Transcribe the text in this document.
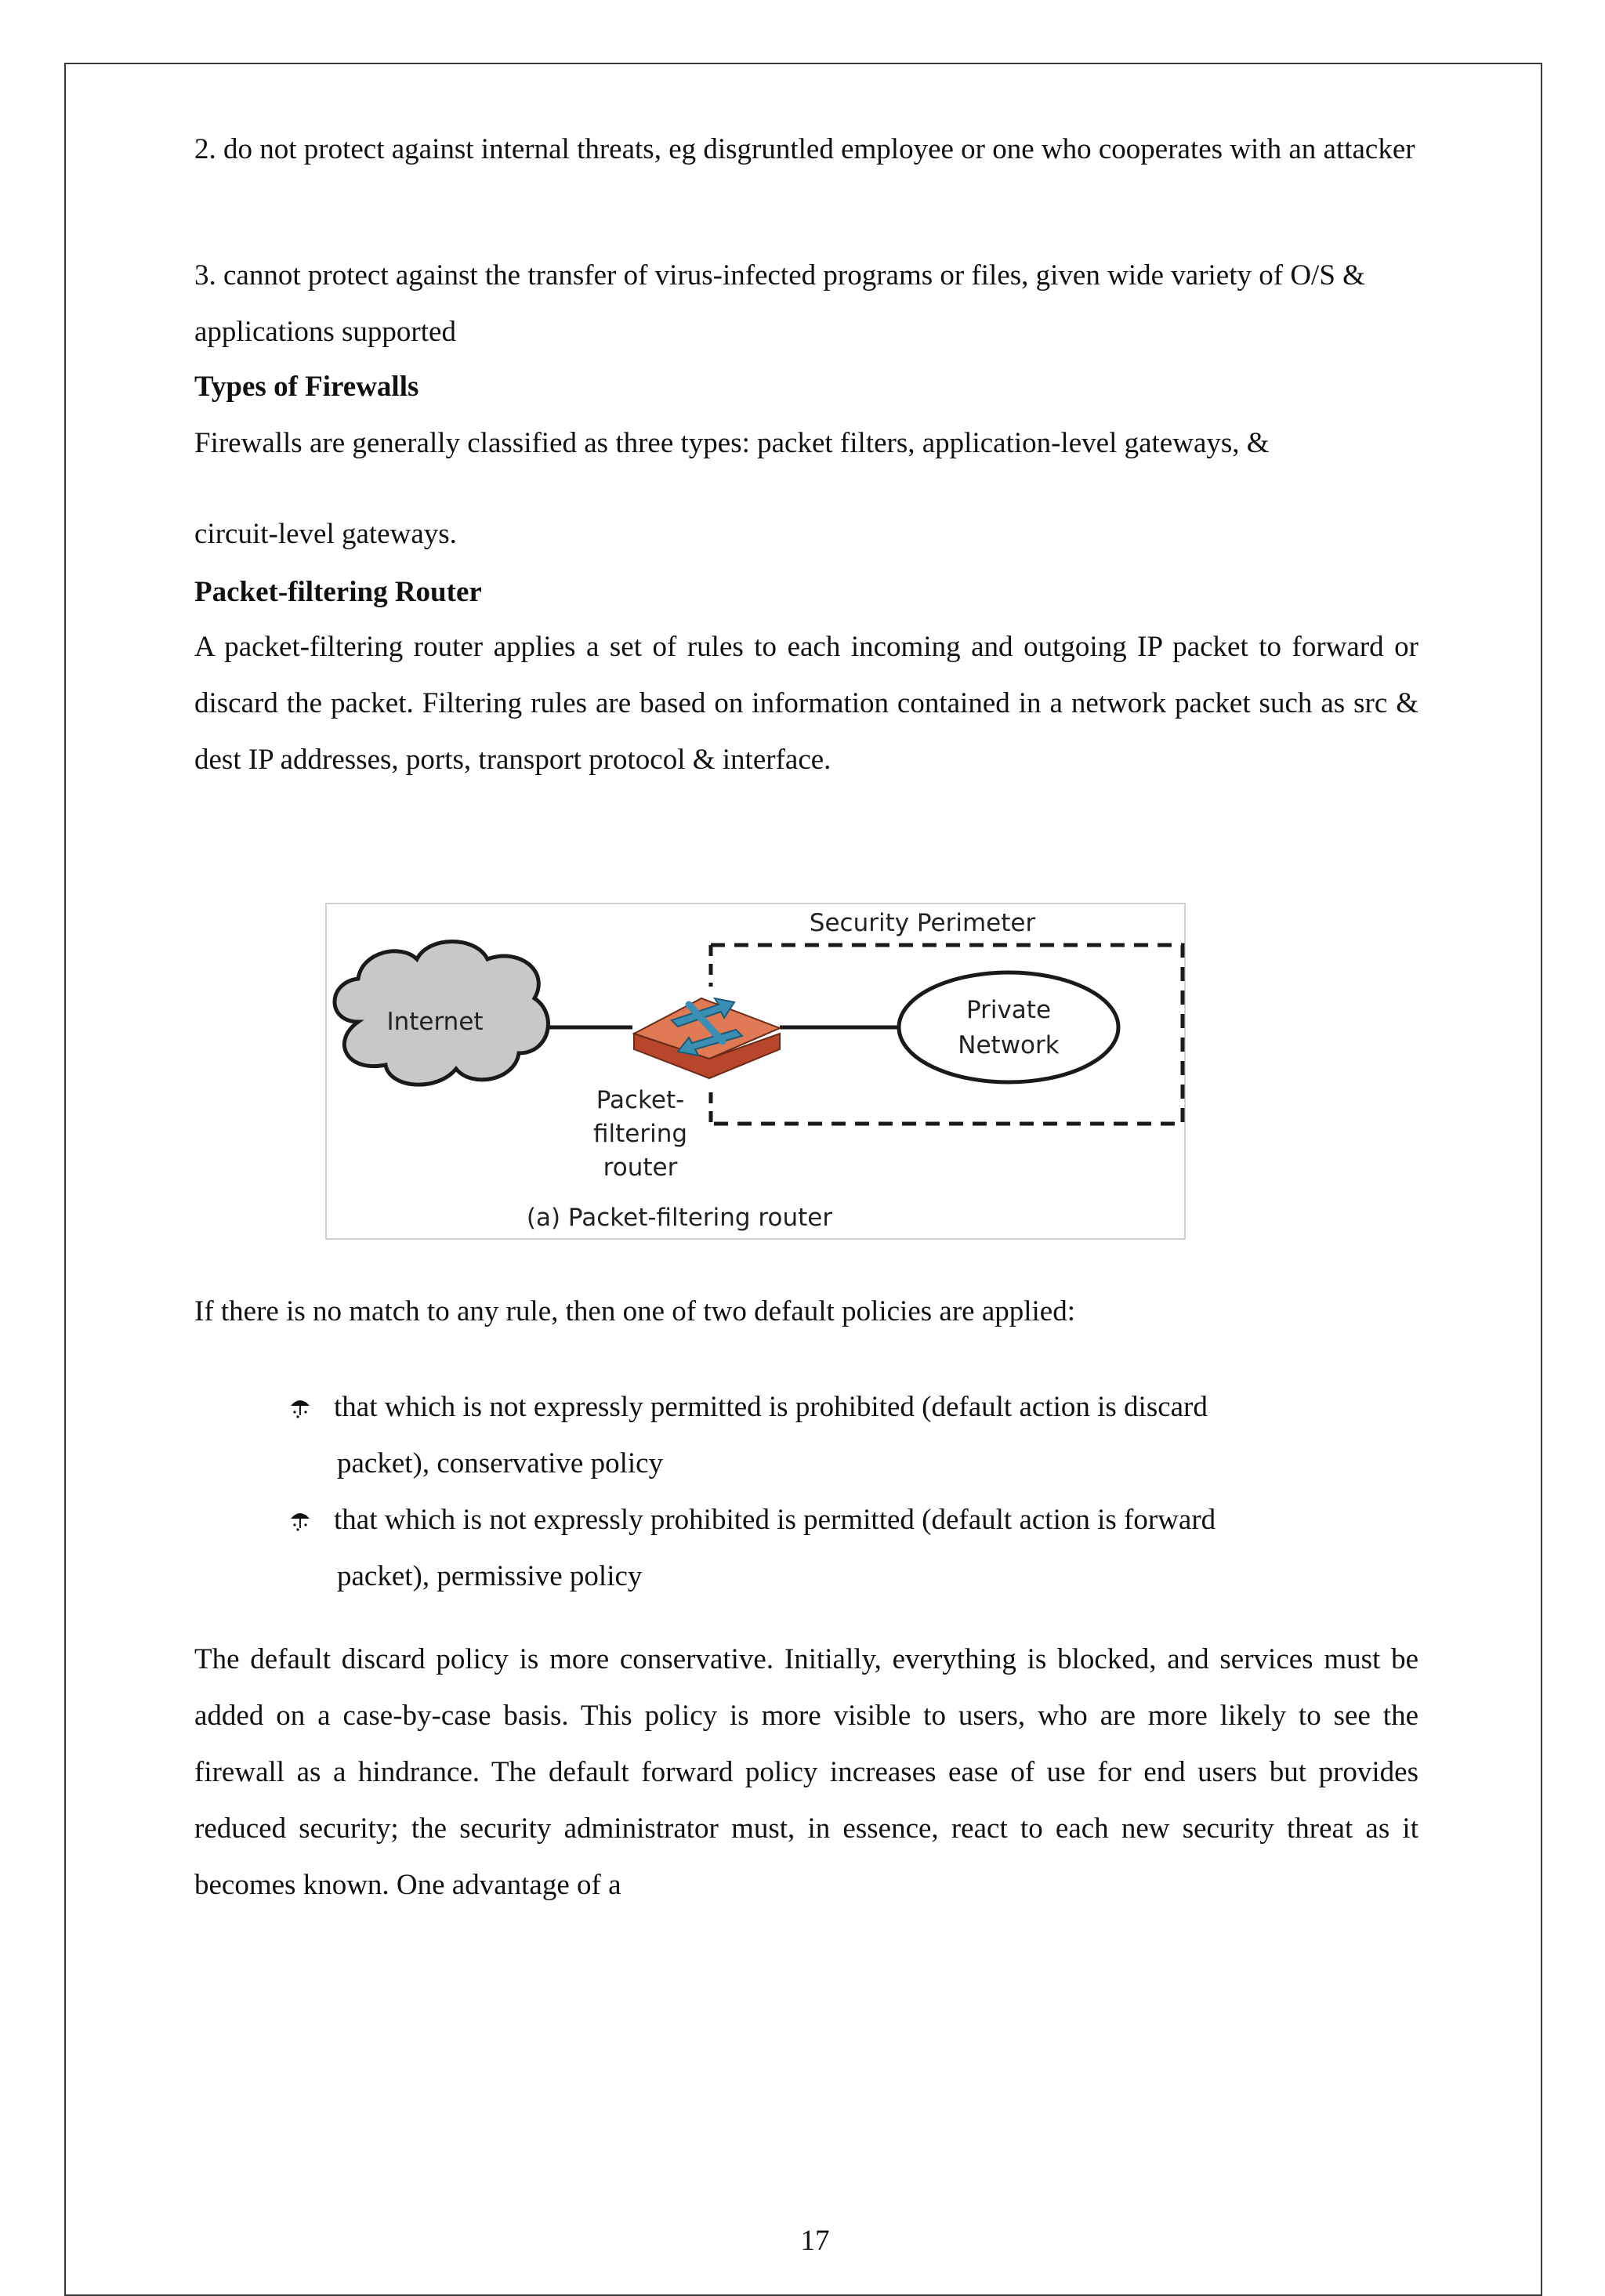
2. do not protect against internal threats, eg disgruntled employee or one who cooperates with an attacker

3. cannot protect against the transfer of virus-infected programs or files, given wide variety of O/S & applications supported

Types of Firewalls

Firewalls are generally classified as three types: packet filters, application-level gateways, &

circuit-level gateways.

Packet-filtering Router

A packet-filtering router applies a set of rules to each incoming and outgoing IP packet to forward or discard the packet. Filtering rules are based on information contained in a network packet such as src & dest IP addresses, ports, transport protocol & interface.

If there is no match to any rule, then one of two default policies are applied:

The default discard policy is more conservative. Initially, everything is blocked, and services must be added on a case-by-case basis. This policy is more visible to users, who are more likely to see the firewall as a hindrance. The default forward policy increases ease of use for end users but provides reduced security; the security administrator must, in essence, react to each new security threat as it becomes known. One advantage of a

Security Perimeter
Internet
Packet-
filtering
router
Private
Network
(a) Packet-filtering router
that which is not expressly permitted is prohibited (default action is discard
packet), conservative policy
that which is not expressly prohibited is permitted (default action is forward
packet), permissive policy
17
